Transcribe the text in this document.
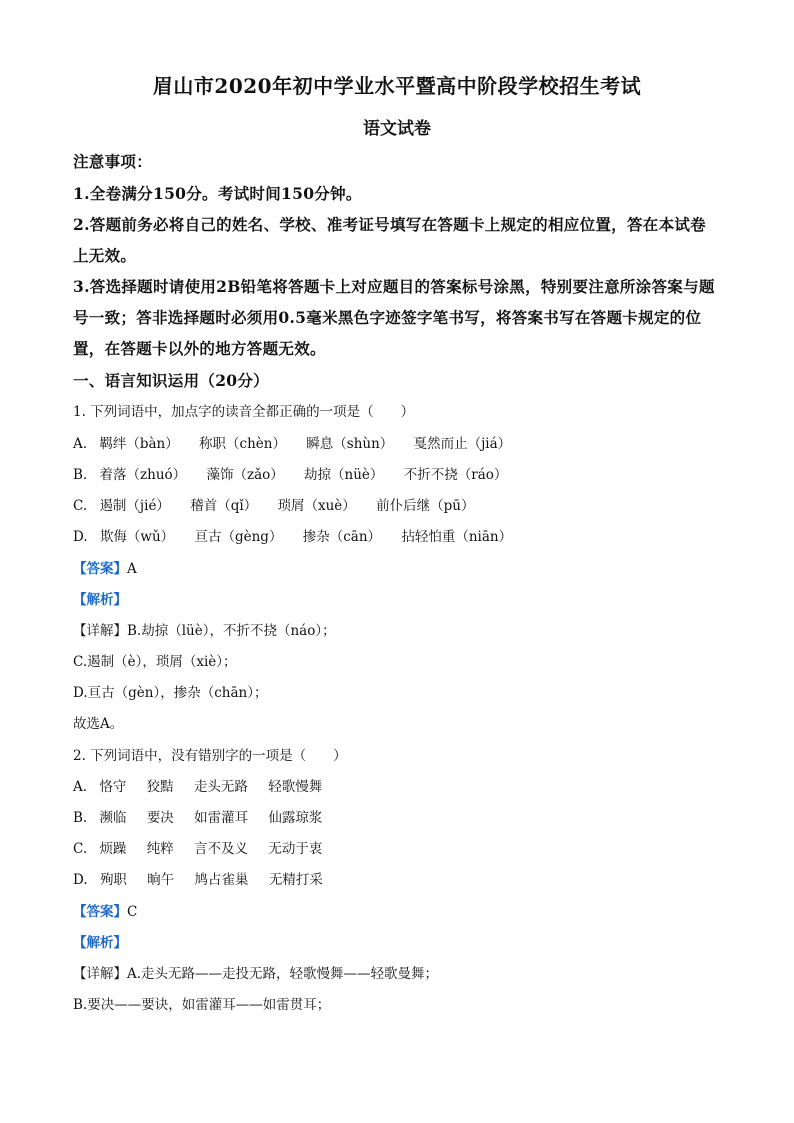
眉山市2020年初中学业水平暨高中阶段学校招生考试
语文试卷
注意事项：
1.全卷满分150分。考试时间150分钟。
2.答题前务必将自己的姓名、学校、准考证号填写在答题卡上规定的相应位置，答在本试卷
上无效。
3.答选择题时请使用2B铅笔将答题卡上对应题目的答案标号涂黑，特别要注意所涂答案与题
号一致；答非选择题时必须用0.5毫米黑色字迹签字笔书写，将答案书写在答题卡规定的位
置，在答题卡以外的地方答题无效。
一、语言知识运用（20分）
1. 下列词语中，加点字的读音全都正确的一项是（　　）
A. 羁绊（bàn） 称职（chèn） 瞬息（shùn） 戛然而止（jiá）
B. 着落（zhuó） 藻饰（zǎo） 劫掠（nüè） 不折不挠（ráo）
C. 遏制（jié） 稽首（qǐ） 琐屑（xuè） 前仆后继（pū）
D. 欺侮（wǔ） 亘古（gèng） 掺杂（cān） 拈轻怕重（niān）
【答案】A
【解析】
【详解】B.劫掠（lüè），不折不挠（náo）；
C.遏制（è），琐屑（xiè）；
D.亘古（gèn），掺杂（chān）；
故选A。
2. 下列词语中，没有错别字的一项是（　　）
A. 恪守 狡黠 走头无路 轻歌慢舞
B. 濒临 要决 如雷灌耳 仙露琼浆
C. 烦躁 纯粹 言不及义 无动于衷
D. 殉职 晌午 鸠占雀巢 无精打采
【答案】C
【解析】
【详解】A.走头无路——走投无路，轻歌慢舞——轻歌曼舞；
B.要决——要诀，如雷灌耳——如雷贯耳；
